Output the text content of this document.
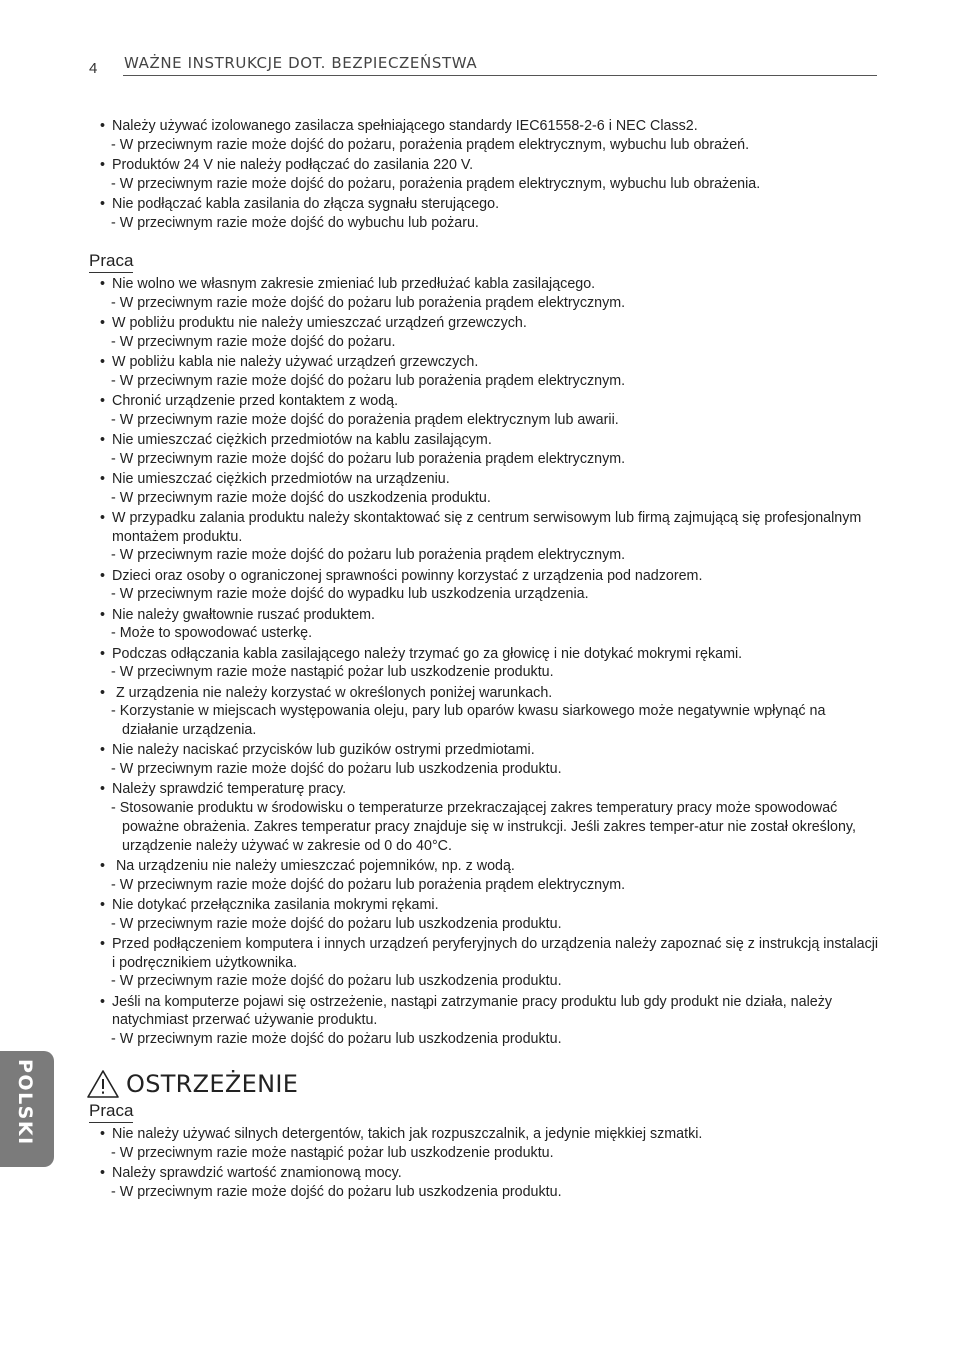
4 WAŻNE INSTRUKCJE DOT. BEZPIECZEŃSTWA
• Należy używać izolowanego zasilacza spełniającego standardy IEC61558-2-6 i NEC Class2.
- W przeciwnym razie może dojść do pożaru, porażenia prądem elektrycznym, wybuchu lub obrażeń.
• Produktów 24 V nie należy podłączać do zasilania 220 V.
- W przeciwnym razie może dojść do pożaru, porażenia prądem elektrycznym, wybuchu lub obrażenia.
• Nie podłączać kabla zasilania do złącza sygnału sterującego.
- W przeciwnym razie może dojść do wybuchu lub pożaru.
Praca
• Nie wolno we własnym zakresie zmieniać lub przedłużać kabla zasilającego.
- W przeciwnym razie może dojść do pożaru lub porażenia prądem elektrycznym.
• W pobliżu produktu nie należy umieszczać urządzeń grzewczych.
- W przeciwnym razie może dojść do pożaru.
• W pobliżu kabla nie należy używać urządzeń grzewczych.
- W przeciwnym razie może dojść do pożaru lub porażenia prądem elektrycznym.
• Chronić urządzenie przed kontaktem z wodą.
- W przeciwnym razie może dojść do porażenia prądem elektrycznym lub awarii.
• Nie umieszczać ciężkich przedmiotów na kablu zasilającym.
- W przeciwnym razie może dojść do pożaru lub porażenia prądem elektrycznym.
• Nie umieszczać ciężkich przedmiotów na urządzeniu.
- W przeciwnym razie może dojść do uszkodzenia produktu.
• W przypadku zalania produktu należy skontaktować się z centrum serwisowym lub firmą zajmującą się profesjonalnym montażem produktu.
- W przeciwnym razie może dojść do pożaru lub porażenia prądem elektrycznym.
• Dzieci oraz osoby o ograniczonej sprawności powinny korzystać z urządzenia pod nadzorem.
- W przeciwnym razie może dojść do wypadku lub uszkodzenia urządzenia.
• Nie należy gwałtownie ruszać produktem.
- Może to spowodować usterkę.
• Podczas odłączania kabla zasilającego należy trzymać go za głowicę i nie dotykać mokrymi rękami.
- W przeciwnym razie może nastąpić pożar lub uszkodzenie produktu.
• Z urządzenia nie należy korzystać w określonych poniżej warunkach.
- Korzystanie w miejscach występowania oleju, pary lub oparów kwasu siarkowego może negatywnie wpłynąć na działanie urządzenia.
• Nie należy naciskać przycisków lub guzików ostrymi przedmiotami.
- W przeciwnym razie może dojść do pożaru lub uszkodzenia produktu.
• Należy sprawdzić temperaturę pracy.
- Stosowanie produktu w środowisku o temperaturze przekraczającej zakres temperatury pracy może spowodować poważne obrażenia. Zakres temperatur pracy znajduje się w instrukcji. Jeśli zakres temper-atur nie został określony, urządzenie należy używać w zakresie od 0 do 40°C.
• Na urządzeniu nie należy umieszczać pojemników, np. z wodą.
- W przeciwnym razie może dojść do pożaru lub porażenia prądem elektrycznym.
• Nie dotykać przełącznika zasilania mokrymi rękami.
- W przeciwnym razie może dojść do pożaru lub uszkodzenia produktu.
• Przed podłączeniem komputera i innych urządzeń peryferyjnych do urządzenia należy zapoznać się z instrukcją instalacji i podręcznikiem użytkownika.
- W przeciwnym razie może dojść do pożaru lub uszkodzenia produktu.
• Jeśli na komputerze pojawi się ostrzeżenie, nastąpi zatrzymanie pracy produktu lub gdy produkt nie działa, należy natychmiast przerwać używanie produktu.
- W przeciwnym razie może dojść do pożaru lub uszkodzenia produktu.
OSTRZEŻENIE
Praca
• Nie należy używać silnych detergentów, takich jak rozpuszczalnik, a jedynie miękkiej szmatki.
- W przeciwnym razie może nastąpić pożar lub uszkodzenie produktu.
• Należy sprawdzić wartość znamionową mocy.
- W przeciwnym razie może dojść do pożaru lub uszkodzenia produktu.
POLSKI
